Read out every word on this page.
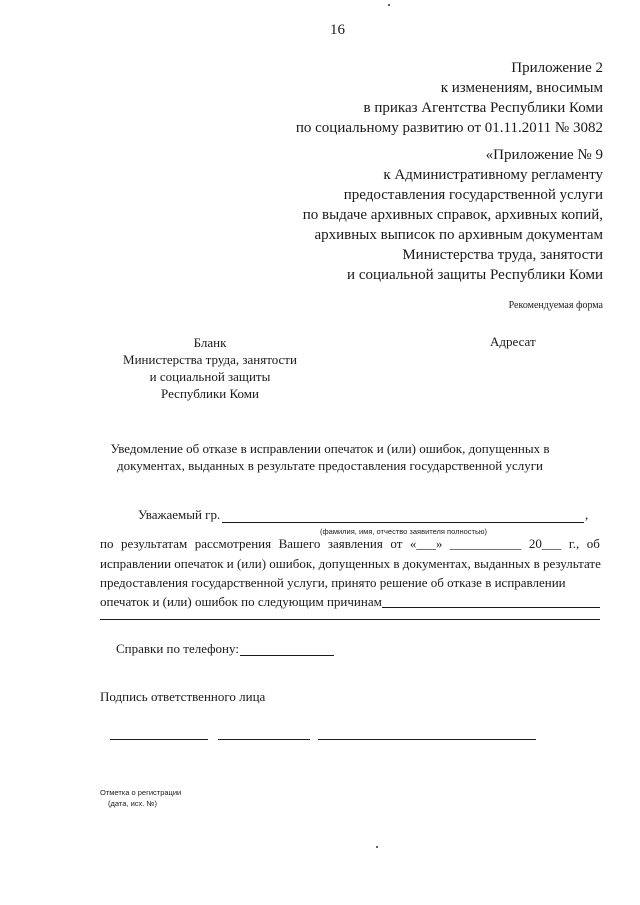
16
Приложение 2
к изменениям, вносимым
в приказ Агентства Республики Коми
по социальному развитию от 01.11.2011 № 3082
«Приложение № 9
к Административному регламенту
предоставления государственной услуги
по выдаче архивных справок, архивных копий,
архивных выписок по архивным документам
Министерства труда, занятости
и социальной защиты Республики Коми
Рекомендуемая форма
Бланк
Министерства труда, занятости
и социальной защиты
Республики Коми
Адресат
Уведомление об отказе в исправлении опечаток и (или) ошибок, допущенных в
документах, выданных в результате предоставления государственной услуги
Уважаемый гр.	,
(фамилия, имя, отчество заявителя полностью)
по результатам рассмотрения Вашего заявления от «___» ___________ 20___ г., об
исправлении опечаток и (или) ошибок, допущенных в документах, выданных в результате
предоставления государственной услуги, принято решение об отказе в исправлении
опечаток и (или) ошибок по следующим причинам
Справки по телефону:
Подпись ответственного лица
Отметка о регистрации
(дата, исх. №)
